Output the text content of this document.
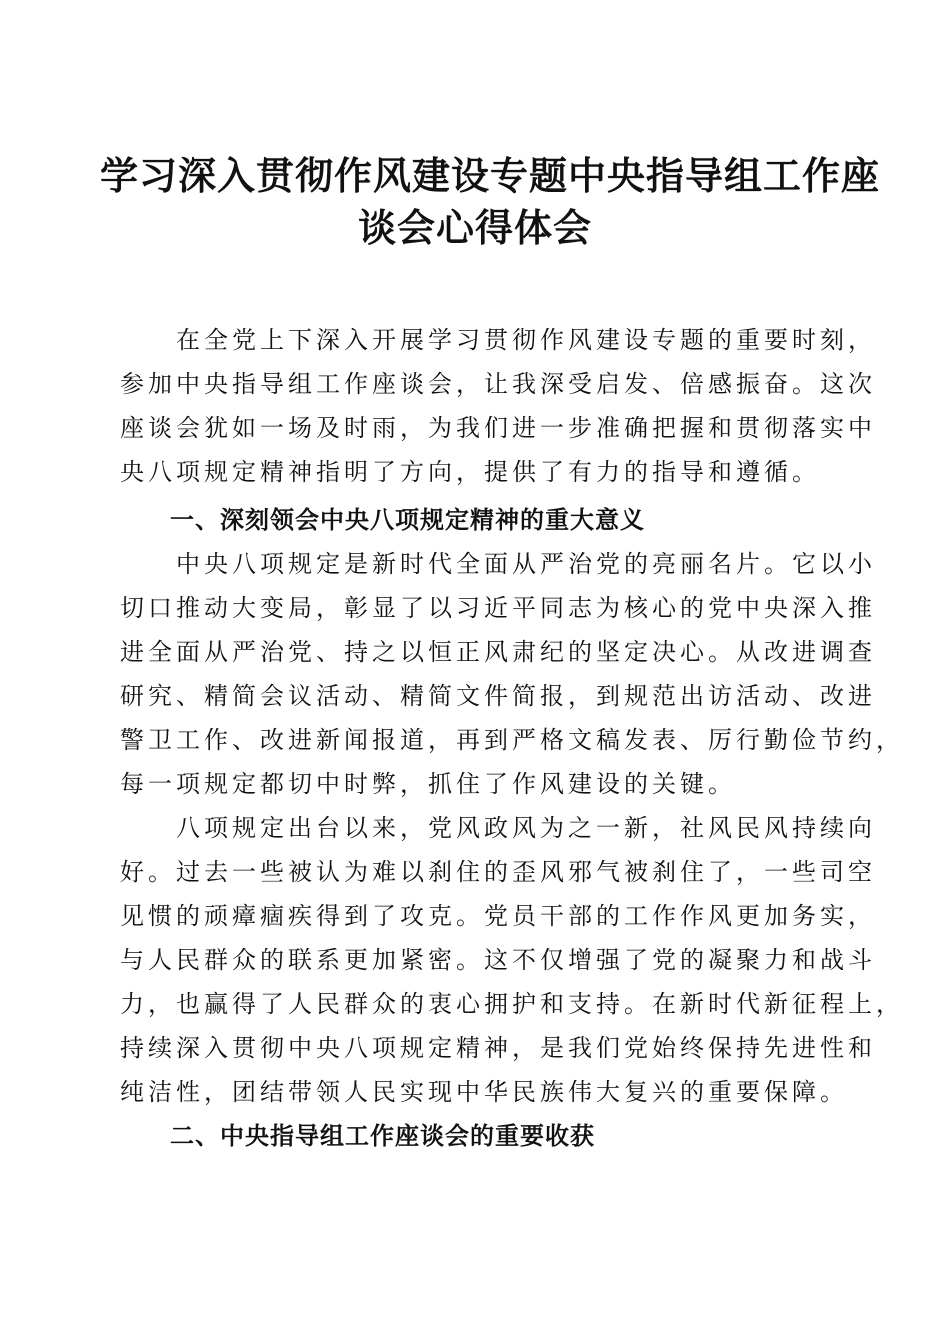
学习深入贯彻作风建设专题中央指导组工作座
谈会心得体会
　　在全党上下深入开展学习贯彻作风建设专题的重要时刻，
参加中央指导组工作座谈会，让我深受启发、倍感振奋。这次
座谈会犹如一场及时雨，为我们进一步准确把握和贯彻落实中
央八项规定精神指明了方向，提供了有力的指导和遵循。
一、深刻领会中央八项规定精神的重大意义
　　中央八项规定是新时代全面从严治党的亮丽名片。它以小
切口推动大变局，彰显了以习近平同志为核心的党中央深入推
进全面从严治党、持之以恒正风肃纪的坚定决心。从改进调查
研究、精简会议活动、精简文件简报，到规范出访活动、改进
警卫工作、改进新闻报道，再到严格文稿发表、厉行勤俭节约，
每一项规定都切中时弊，抓住了作风建设的关键。
　　八项规定出台以来，党风政风为之一新，社风民风持续向
好。过去一些被认为难以刹住的歪风邪气被刹住了，一些司空
见惯的顽瘴痼疾得到了攻克。党员干部的工作作风更加务实，
与人民群众的联系更加紧密。这不仅增强了党的凝聚力和战斗
力，也赢得了人民群众的衷心拥护和支持。在新时代新征程上，
持续深入贯彻中央八项规定精神，是我们党始终保持先进性和
纯洁性，团结带领人民实现中华民族伟大复兴的重要保障。
二、中央指导组工作座谈会的重要收获
